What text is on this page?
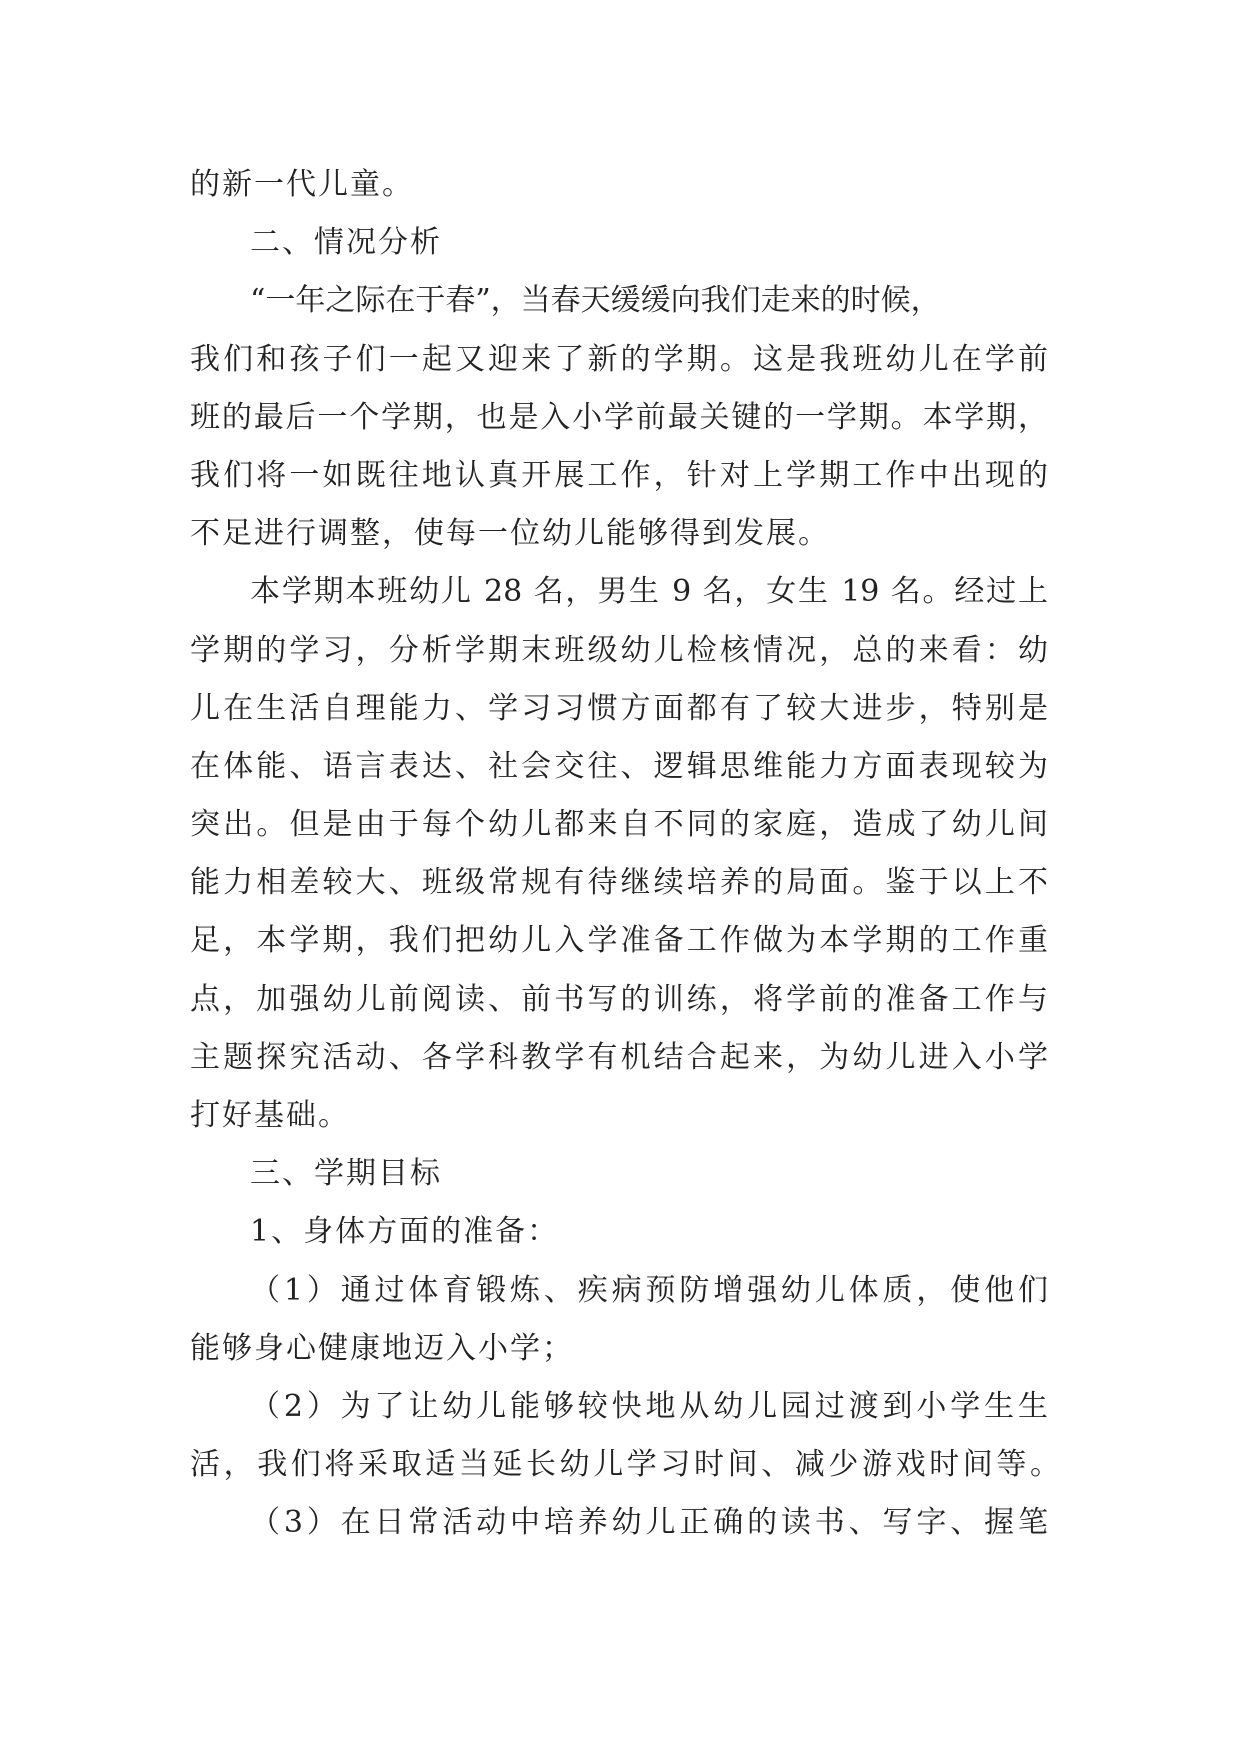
的新一代儿童。
二、情况分析
“一年之际在于春”，当春天缓缓向我们走来的时候，
我们和孩子们一起又迎来了新的学期。这是我班幼儿在学前
班的最后一个学期，也是入小学前最关键的一学期。本学期，
我们将一如既往地认真开展工作，针对上学期工作中出现的
不足进行调整，使每一位幼儿能够得到发展。
本学期本班幼儿 28 名，男生 9 名，女生 19 名。经过上
学期的学习，分析学期末班级幼儿检核情况，总的来看：幼
儿在生活自理能力、学习习惯方面都有了较大进步，特别是
在体能、语言表达、社会交往、逻辑思维能力方面表现较为
突出。但是由于每个幼儿都来自不同的家庭，造成了幼儿间
能力相差较大、班级常规有待继续培养的局面。鉴于以上不
足，本学期，我们把幼儿入学准备工作做为本学期的工作重
点，加强幼儿前阅读、前书写的训练，将学前的准备工作与
主题探究活动、各学科教学有机结合起来，为幼儿进入小学
打好基础。
三、学期目标
1、身体方面的准备：
（1）通过体育锻炼、疾病预防增强幼儿体质，使他们
能够身心健康地迈入小学；
（2）为了让幼儿能够较快地从幼儿园过渡到小学生生
活，我们将采取适当延长幼儿学习时间、减少游戏时间等。
（3）在日常活动中培养幼儿正确的读书、写字、握笔
